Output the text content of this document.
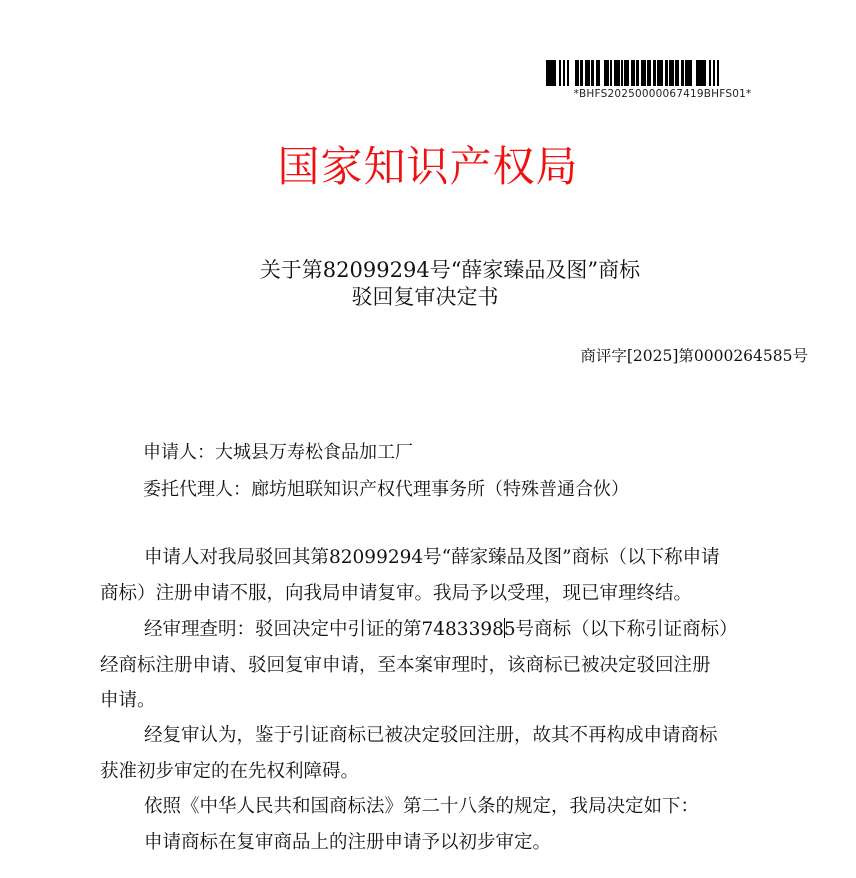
*BHFS20250000067419BHFS01*
国家知识产权局
关于第82099294号“薛家臻品及图”商标
驳回复审决定书
商评字[2025]第0000264585号
申请人：大城县万寿松食品加工厂
委托代理人：廊坊旭联知识产权代理事务所（特殊普通合伙）
申请人对我局驳回其第82099294号“薛家臻品及图”商标（以下称申请
商标）注册申请不服，向我局申请复审。我局予以受理，现已审理终结。
经审理查明：驳回决定中引证的第74833985号商标（以下称引证商标）
经商标注册申请、驳回复审申请，至本案审理时，该商标已被决定驳回注册
申请。
经复审认为，鉴于引证商标已被决定驳回注册，故其不再构成申请商标
获准初步审定的在先权利障碍。
依照《中华人民共和国商标法》第二十八条的规定，我局决定如下：
申请商标在复审商品上的注册申请予以初步审定。
